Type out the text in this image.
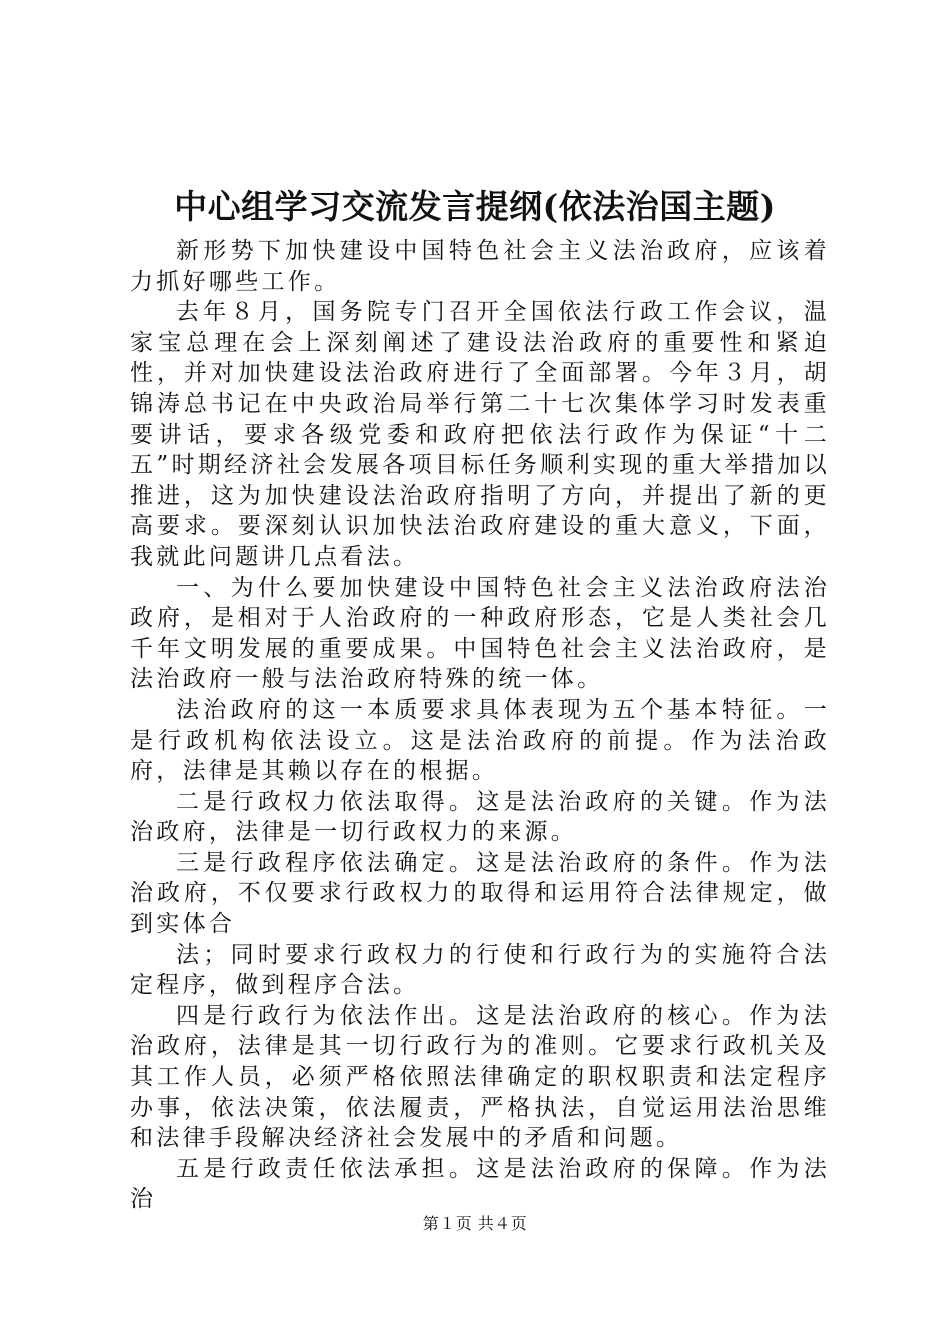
中心组学习交流发言提纲(依法治国主题)

新形势下加快建设中国特色社会主义法治政府，应该着力抓好哪些工作。

去年８月，国务院专门召开全国依法行政工作会议，温家宝总理在会上深刻阐述了建设法治政府的重要性和紧迫性，并对加快建设法治政府进行了全面部署。今年３月，胡锦涛总书记在中央政治局举行第二十七次集体学习时发表重要讲话，要求各级党委和政府把依法行政作为保证“十二五”时期经济社会发展各项目标任务顺利实现的重大举措加以推进，这为加快建设法治政府指明了方向，并提出了新的更高要求。要深刻认识加快法治政府建设的重大意义，下面，我就此问题讲几点看法。

一、为什么要加快建设中国特色社会主义法治政府法治政府，是相对于人治政府的一种政府形态，它是人类社会几千年文明发展的重要成果。中国特色社会主义法治政府，是法治政府一般与法治政府特殊的统一体。

法治政府的这一本质要求具体表现为五个基本特征。一是行政机构依法设立。这是法治政府的前提。作为法治政府，法律是其赖以存在的根据。

二是行政权力依法取得。这是法治政府的关键。作为法治政府，法律是一切行政权力的来源。

三是行政程序依法确定。这是法治政府的条件。作为法治政府，不仅要求行政权力的取得和运用符合法律规定，做到实体合

法；同时要求行政权力的行使和行政行为的实施符合法定程序，做到程序合法。

四是行政行为依法作出。这是法治政府的核心。作为法治政府，法律是其一切行政行为的准则。它要求行政机关及其工作人员，必须严格依照法律确定的职权职责和法定程序办事，依法决策，依法履责，严格执法，自觉运用法治思维和法律手段解决经济社会发展中的矛盾和问题。

五是行政责任依法承担。这是法治政府的保障。作为法治

第１页 共４页
